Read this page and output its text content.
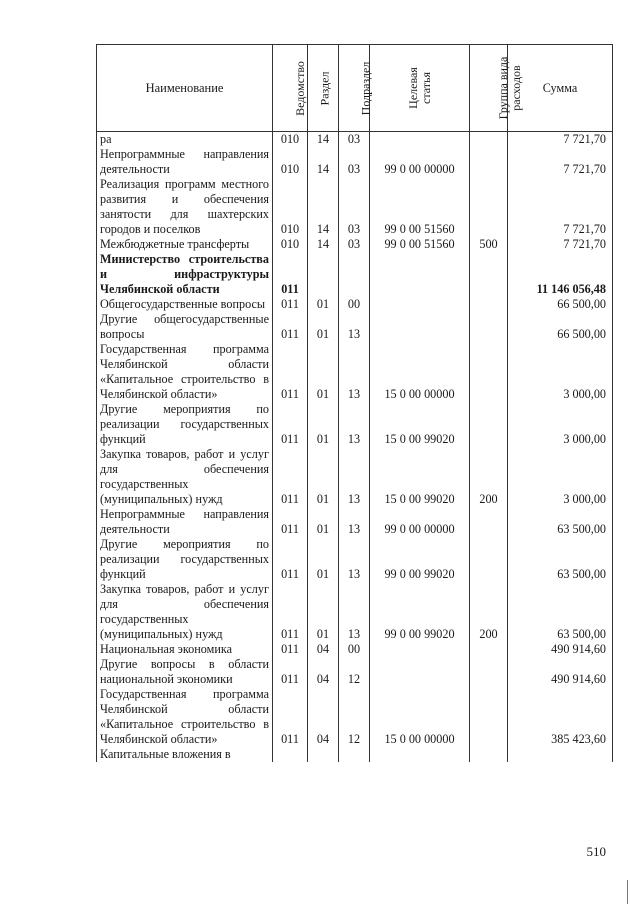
Наименование	Ведомство	Раздел	Подраздел	Целевая статья	Группа вида расходов	Сумма
ра	010	14	03			7 721,70
Непрограммные направления деятельности	010	14	03	99 0 00 00000		7 721,70
Реализация программ местного развития и обеспечения занятости для шахтерских городов и поселков	010	14	03	99 0 00 51560		7 721,70
Межбюджетные трансферты	010	14	03	99 0 00 51560	500	7 721,70
Министерство строительства и инфраструктуры Челябинской области	011					11 146 056,48
Общегосударственные вопросы	011	01	00			66 500,00
Другие общегосударственные вопросы	011	01	13			66 500,00
Государственная программа Челябинской области «Капитальное строительство в Челябинской области»	011	01	13	15 0 00 00000		3 000,00
Другие мероприятия по реализации государственных функций	011	01	13	15 0 00 99020		3 000,00
Закупка товаров, работ и услуг для обеспечения государственных (муниципальных) нужд	011	01	13	15 0 00 99020	200	3 000,00
Непрограммные направления деятельности	011	01	13	99 0 00 00000		63 500,00
Другие мероприятия по реализации государственных функций	011	01	13	99 0 00 99020		63 500,00
Закупка товаров, работ и услуг для обеспечения государственных (муниципальных) нужд	011	01	13	99 0 00 99020	200	63 500,00
Национальная экономика	011	04	00			490 914,60
Другие вопросы в области национальной экономики	011	04	12			490 914,60
Государственная программа Челябинской области «Капитальное строительство в Челябинской области»	011	04	12	15 0 00 00000		385 423,60
Капитальные вложения в						
510
